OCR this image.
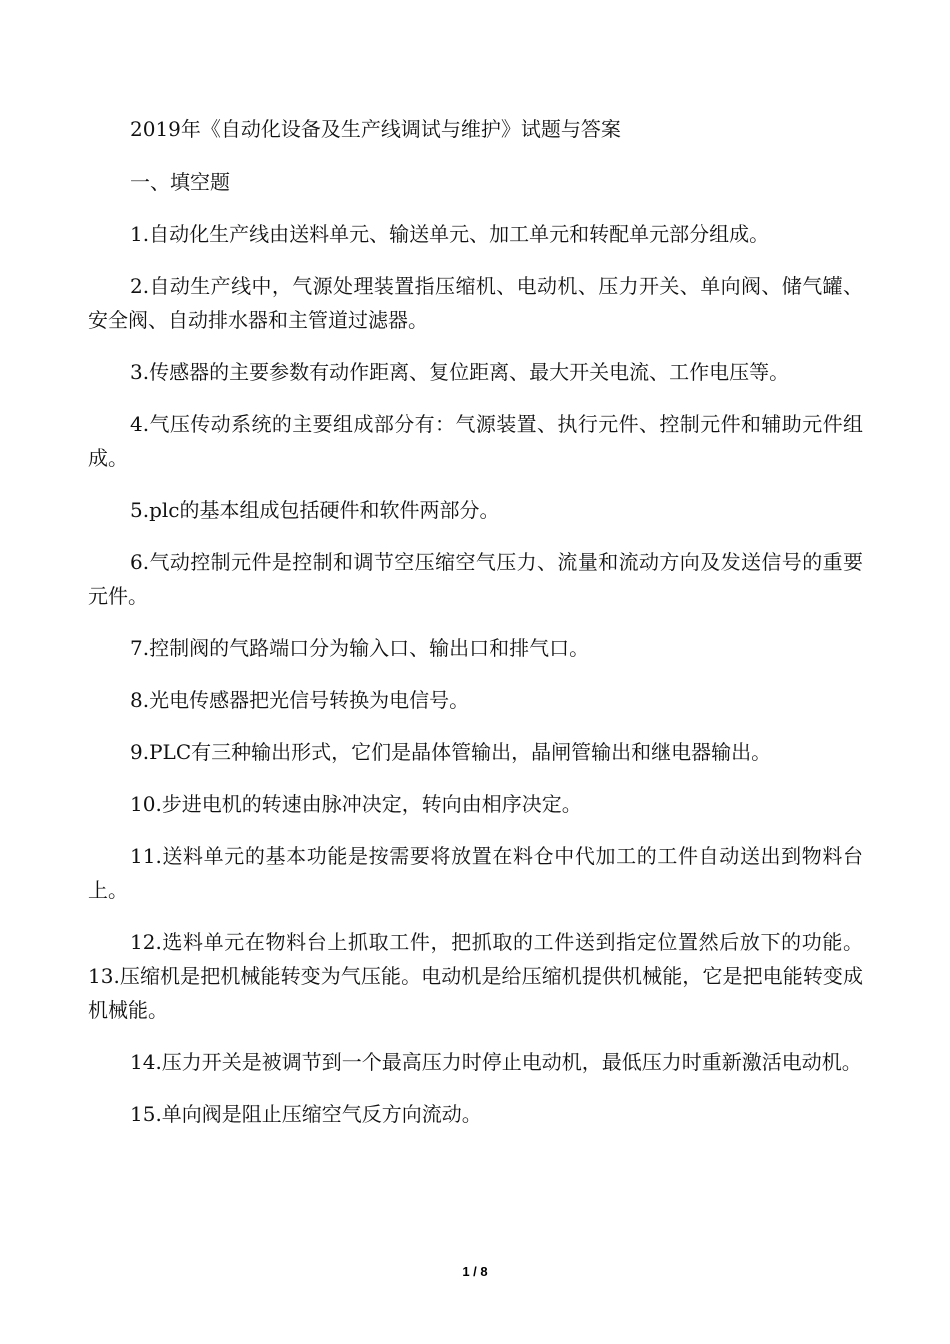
2019年《自动化设备及生产线调试与维护》试题与答案

一、填空题

1.自动化生产线由送料单元、输送单元、加工单元和转配单元部分组成。

2.自动生产线中，气源处理装置指压缩机、电动机、压力开关、单向阀、储气罐、安全阀、自动排水器和主管道过滤器。

3.传感器的主要参数有动作距离、复位距离、最大开关电流、工作电压等。

4.气压传动系统的主要组成部分有：气源装置、执行元件、控制元件和辅助元件组成。

5.plc的基本组成包括硬件和软件两部分。

6.气动控制元件是控制和调节空压缩空气压力、流量和流动方向及发送信号的重要元件。

7.控制阀的气路端口分为输入口、输出口和排气口。

8.光电传感器把光信号转换为电信号。

9.PLC有三种输出形式，它们是晶体管输出，晶闸管输出和继电器输出。

10.步进电机的转速由脉冲决定，转向由相序决定。

11.送料单元的基本功能是按需要将放置在料仓中代加工的工件自动送出到物料台上。

12.选料单元在物料台上抓取工件，把抓取的工件送到指定位置然后放下的功能。13.压缩机是把机械能转变为气压能。电动机是给压缩机提供机械能，它是把电能转变成机械能。

14.压力开关是被调节到一个最高压力时停止电动机，最低压力时重新激活电动机。

15.单向阀是阻止压缩空气反方向流动。

1 / 8
